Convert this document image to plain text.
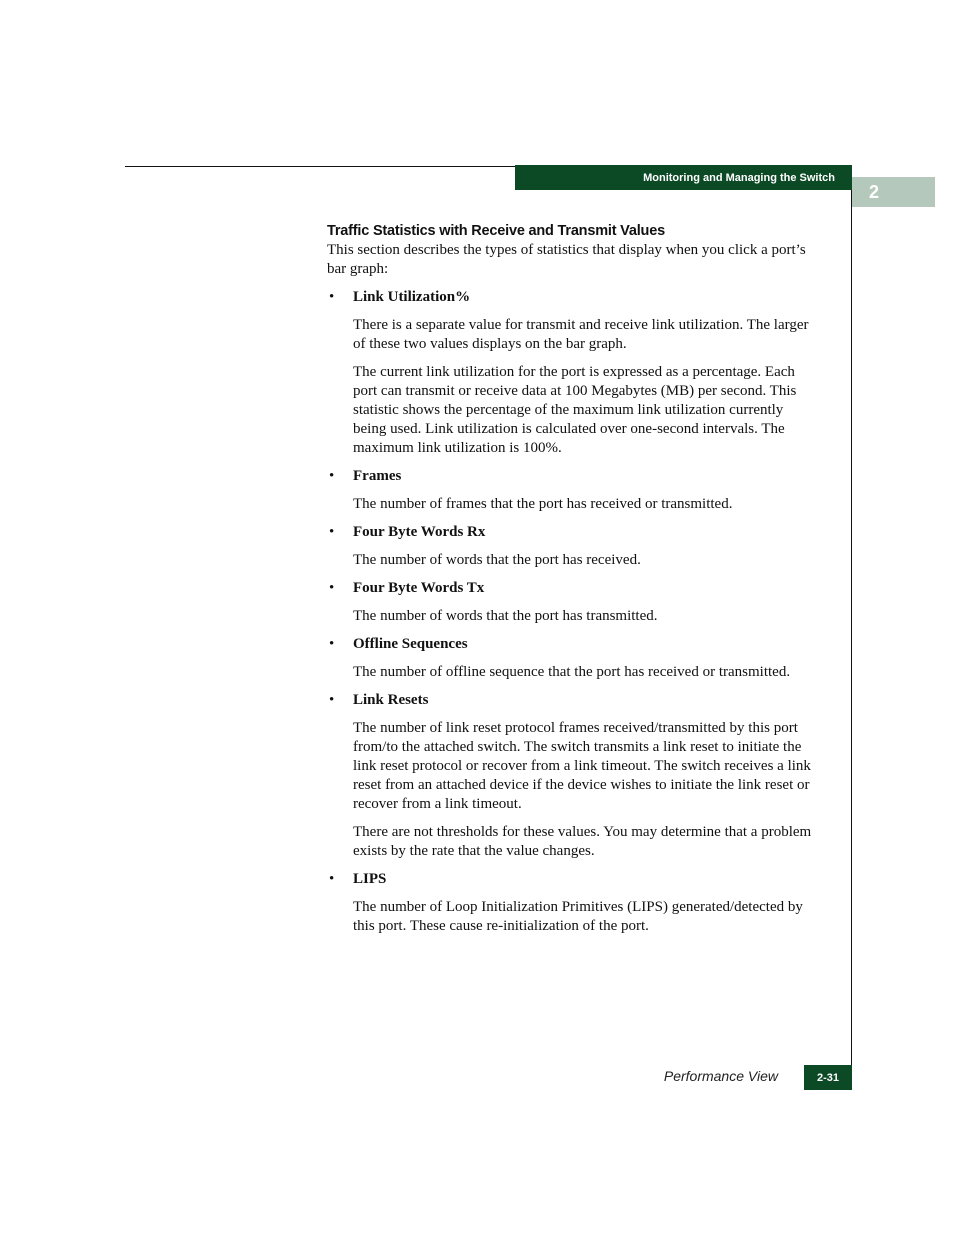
Monitoring and Managing the Switch
2
Traffic Statistics with Receive and Transmit Values

This section describes the types of statistics that display when you click a port’s bar graph:

• Link Utilization%

There is a separate value for transmit and receive link utilization. The larger of these two values displays on the bar graph.

The current link utilization for the port is expressed as a percentage. Each port can transmit or receive data at 100 Megabytes (MB) per second. This statistic shows the percentage of the maximum link utilization currently being used. Link utilization is calculated over one-second intervals. The maximum link utilization is 100%.

• Frames

The number of frames that the port has received or transmitted.

• Four Byte Words Rx

The number of words that the port has received.

• Four Byte Words Tx

The number of words that the port has transmitted.

• Offline Sequences

The number of offline sequence that the port has received or transmitted.

• Link Resets

The number of link reset protocol frames received/transmitted by this port from/to the attached switch. The switch transmits a link reset to initiate the link reset protocol or recover from a link timeout. The switch receives a link reset from an attached device if the device wishes to initiate the link reset or recover from a link timeout.

There are not thresholds for these values. You may determine that a problem exists by the rate that the value changes.

• LIPS

The number of Loop Initialization Primitives (LIPS) generated/detected by this port. These cause re-initialization of the port.

Performance View	2-31
